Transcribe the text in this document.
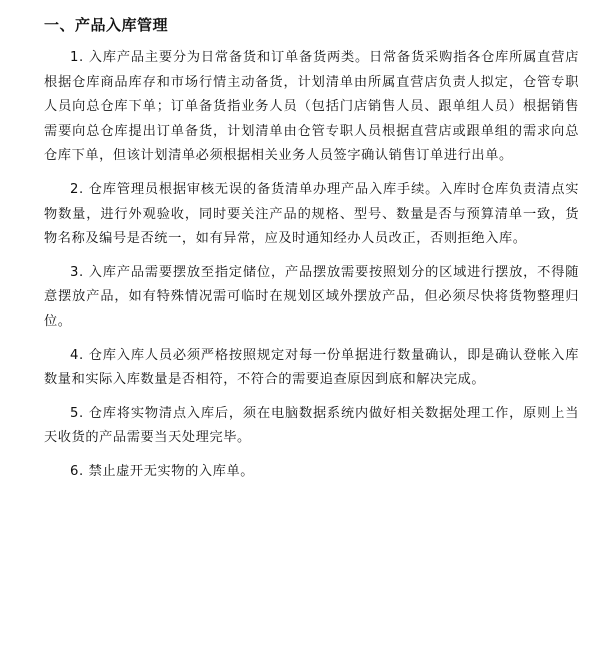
一、产品入库管理

1. 入库产品主要分为日常备货和订单备货两类。日常备货采购指各仓库所属直营店根据仓库商品库存和市场行情主动备货，计划清单由所属直营店负责人拟定，仓管专职人员向总仓库下单；订单备货指业务人员（包括门店销售人员、跟单组人员）根据销售需要向总仓库提出订单备货，计划清单由仓管专职人员根据直营店或跟单组的需求向总仓库下单，但该计划清单必须根据相关业务人员签字确认销售订单进行出单。

2. 仓库管理员根据审核无误的备货清单办理产品入库手续。入库时仓库负责清点实物数量，进行外观验收，同时要关注产品的规格、型号、数量是否与预算清单一致，货物名称及编号是否统一，如有异常，应及时通知经办人员改正，否则拒绝入库。

3. 入库产品需要摆放至指定储位，产品摆放需要按照划分的区域进行摆放，不得随意摆放产品，如有特殊情况需可临时在规划区域外摆放产品，但必须尽快将货物整理归位。

4. 仓库入库人员必须严格按照规定对每一份单据进行数量确认，即是确认登帐入库数量和实际入库数量是否相符，不符合的需要追查原因到底和解决完成。

5. 仓库将实物清点入库后，须在电脑数据系统内做好相关数据处理工作，原则上当天收货的产品需要当天处理完毕。

6. 禁止虚开无实物的入库单。
